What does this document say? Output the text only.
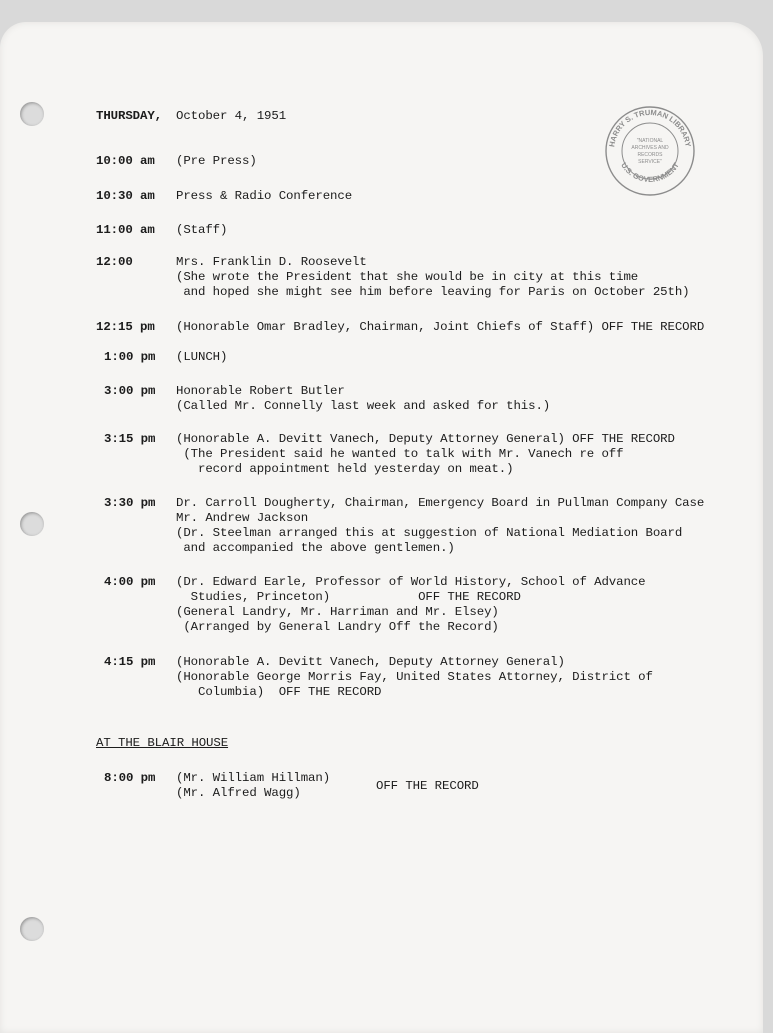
HARRY S. TRUMAN LIBRARY
U.S. GOVERNMENT
"NATIONAL
ARCHIVES AND
RECORDS
SERVICE"
THURSDAY, October 4, 1951
10:00 am (Pre Press)
10:30 am Press & Radio Conference
11:00 am (Staff)
12:00	Mrs. Franklin D. Roosevelt
(She wrote the President that she would be in city at this time
and hoped she might see him before leaving for Paris on October 25th)
12:15 pm (Honorable Omar Bradley, Chairman, Joint Chiefs of Staff) OFF THE RECORD
1:00 pm (LUNCH)
3:00 pm Honorable Robert Butler
(Called Mr. Connelly last week and asked for this.)
3:15 pm (Honorable A. Devitt Vanech, Deputy Attorney General) OFF THE RECORD
(The President said he wanted to talk with Mr. Vanech re off
record appointment held yesterday on meat.)
3:30 pm Dr. Carroll Dougherty, Chairman, Emergency Board in Pullman Company Case
Mr. Andrew Jackson
(Dr. Steelman arranged this at suggestion of National Mediation Board
and accompanied the above gentlemen.)
4:00 pm (Dr. Edward Earle, Professor of World History, School of Advance
Studies, Princeton)            OFF THE RECORD
(General Landry, Mr. Harriman and Mr. Elsey)
(Arranged by General Landry Off the Record)
4:15 pm (Honorable A. Devitt Vanech, Deputy Attorney General)
(Honorable George Morris Fay, United States Attorney, District of
Columbia)  OFF THE RECORD
AT THE BLAIR HOUSE
8:00 pm (Mr. William Hillman)
(Mr. Alfred Wagg)	OFF THE RECORD
